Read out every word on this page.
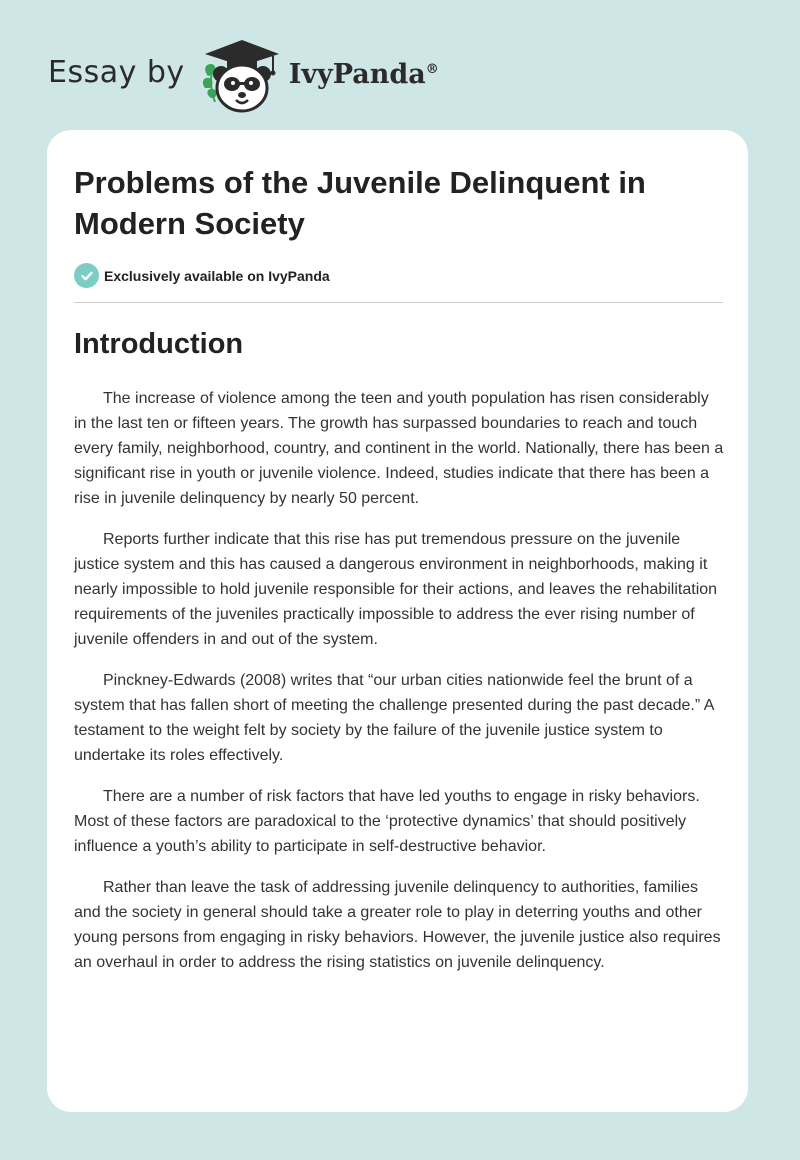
Essay by	IvyPanda®
Problems of the Juvenile Delinquent in Modern Society
Exclusively available on IvyPanda
Introduction

The increase of violence among the teen and youth population has risen considerably in the last ten or fifteen years. The growth has surpassed boundaries to reach and touch every family, neighborhood, country, and continent in the world. Nationally, there has been a significant rise in youth or juvenile violence. Indeed, studies indicate that there has been a rise in juvenile delinquency by nearly 50 percent.

Reports further indicate that this rise has put tremendous pressure on the juvenile justice system and this has caused a dangerous environment in neighborhoods, making it nearly impossible to hold juvenile responsible for their actions, and leaves the rehabilitation requirements of the juveniles practically impossible to address the ever rising number of juvenile offenders in and out of the system.

Pinckney-Edwards (2008) writes that “our urban cities nationwide feel the brunt of a system that has fallen short of meeting the challenge presented during the past decade.” A testament to the weight felt by society by the failure of the juvenile justice system to undertake its roles effectively.

There are a number of risk factors that have led youths to engage in risky behaviors. Most of these factors are paradoxical to the ‘protective dynamics’ that should positively influence a youth’s ability to participate in self-destructive behavior.

Rather than leave the task of addressing juvenile delinquency to authorities, families and the society in general should take a greater role to play in deterring youths and other young persons from engaging in risky behaviors. However, the juvenile justice also requires an overhaul in order to address the rising statistics on juvenile delinquency.
